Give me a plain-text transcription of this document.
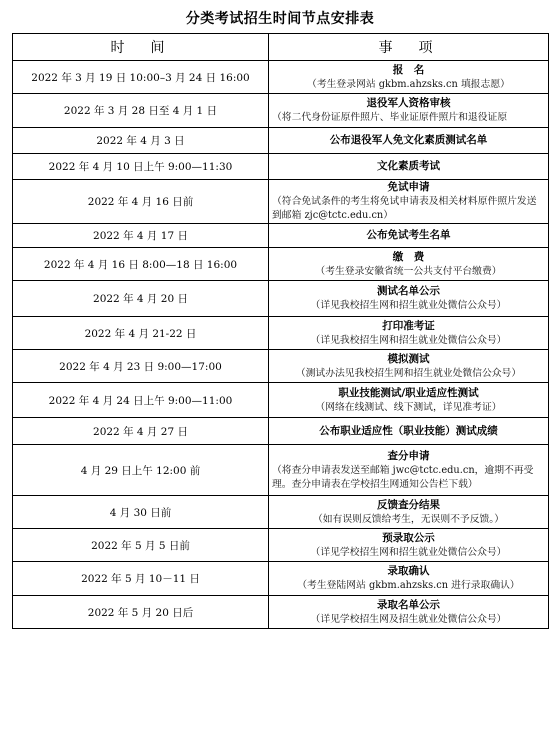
分类考试招生时间节点安排表
时　间	事　项
2022 年 3 月 19 日 10:00–3 月 24 日 16:00	报　名
（考生登录网站 gkbm.ahzsks.cn 填报志愿）

2022 年 3 月 28 日至 4 月 1 日	退役军人资格审核
（将二代身份证原件照片、毕业证原件照片和退役证原

2022 年 4 月 3 日	公布退役军人免文化素质测试名单

2022 年 4 月 10 日上午 9:00—11:30	文化素质考试

2022 年 4 月 16 日前	免试申请
（符合免试条件的考生将免试申请表及相关材料原件照片发送到邮箱 zjc@tctc.edu.cn）

2022 年 4 月 17 日	公布免试考生名单

2022 年 4 月 16 日 8:00—18 日 16:00	缴　费
（考生登录安徽省统一公共支付平台缴费）

2022 年 4 月 20 日	测试名单公示
（详见我校招生网和招生就业处微信公众号）

2022 年 4 月 21-22 日	打印准考证
（详见我校招生网和招生就业处微信公众号）

2022 年 4 月 23 日 9:00—17:00	模拟测试
（测试办法见我校招生网和招生就业处微信公众号）

2022 年 4 月 24 日上午 9:00—11:00	职业技能测试/职业适应性测试
（网络在线测试、线下测试，详见准考证）

2022 年 4 月 27 日	公布职业适应性（职业技能）测试成绩

4 月 29 日上午 12:00 前	查分申请
（将查分申请表发送至邮箱 jwc@tctc.edu.cn，逾期不再受理。查分申请表在学校招生网通知公告栏下载）

4 月 30 日前	反馈查分结果
（如有误则反馈给考生，无误则不予反馈。）

2022 年 5 月 5 日前	预录取公示
（详见学校招生网和招生就业处微信公众号）

2022 年 5 月 10－11 日	录取确认
（考生登陆网站 gkbm.ahzsks.cn 进行录取确认）

2022 年 5 月 20 日后	录取名单公示
（详见学校招生网及招生就业处微信公众号）
